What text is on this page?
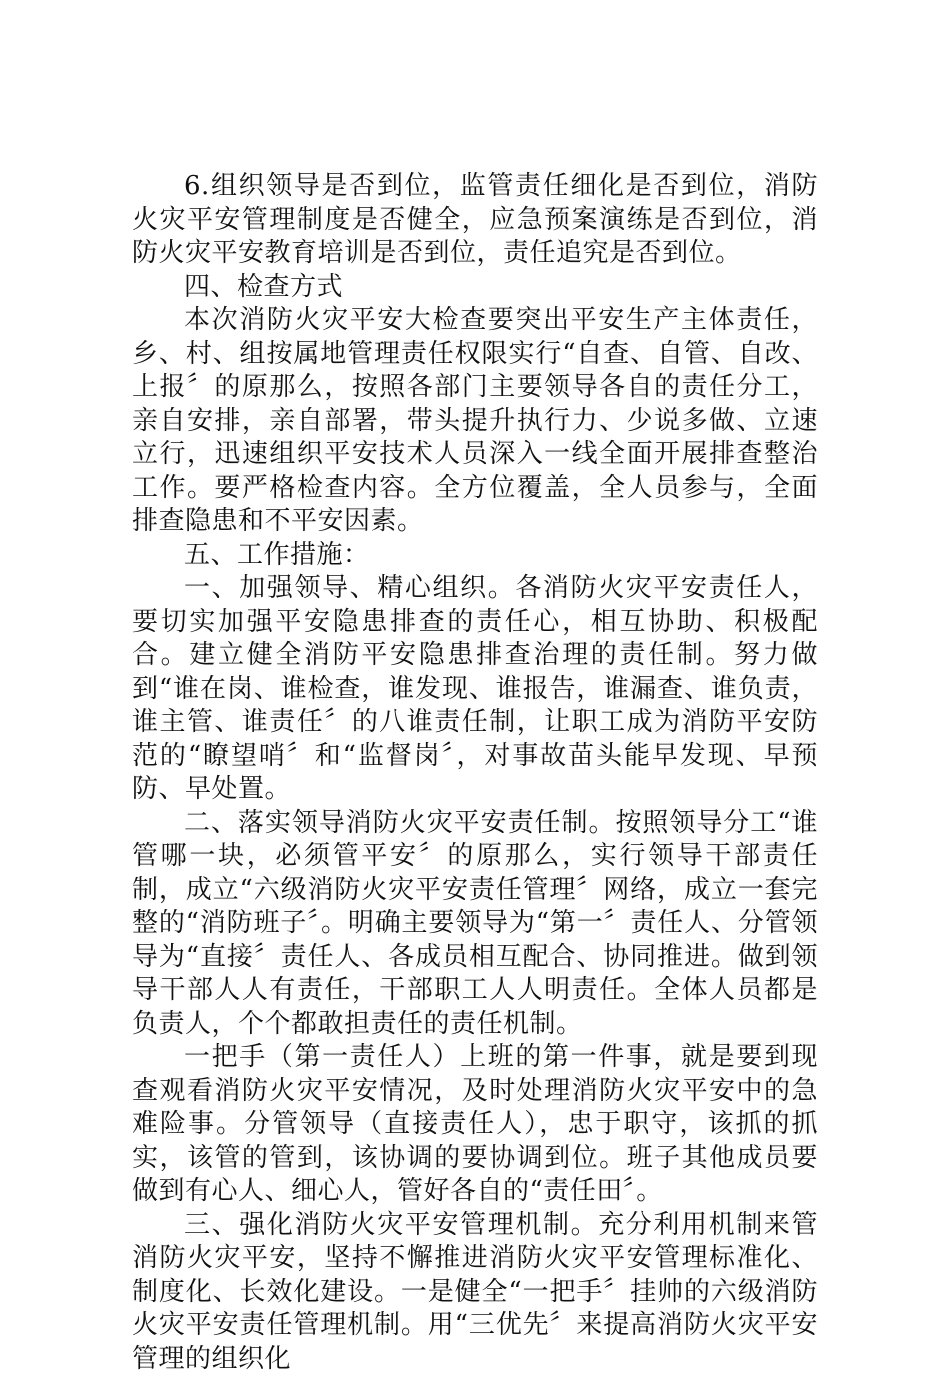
6.组织领导是否到位，监管责任细化是否到位，消防火灾平安管理制度是否健全，应急预案演练是否到位，消防火灾平安教育培训是否到位，责任追究是否到位。

四、检查方式

本次消防火灾平安大检查要突出平安生产主体责任，乡、村、组按属地管理责任权限实行“自查、自管、自改、上报〞的原那么，按照各部门主要领导各自的责任分工，亲自安排，亲自部署，带头提升执行力、少说多做、立速立行，迅速组织平安技术人员深入一线全面开展排查整治工作。要严格检查内容。全方位覆盖，全人员参与，全面排查隐患和不平安因素。

五、工作措施：

一、加强领导、精心组织。各消防火灾平安责任人，要切实加强平安隐患排查的责任心，相互协助、积极配合。建立健全消防平安隐患排查治理的责任制。努力做到“谁在岗、谁检查，谁发现、谁报告，谁漏查、谁负责，谁主管、谁责任〞的八谁责任制，让职工成为消防平安防范的“瞭望哨〞和“监督岗〞，对事故苗头能早发现、早预防、早处置。

二、落实领导消防火灾平安责任制。按照领导分工“谁管哪一块，必须管平安〞的原那么，实行领导干部责任制，成立“六级消防火灾平安责任管理〞网络，成立一套完整的“消防班子〞。明确主要领导为“第一〞责任人、分管领导为“直接〞责任人、各成员相互配合、协同推进。做到领导干部人人有责任，干部职工人人明责任。全体人员都是负责人，个个都敢担责任的责任机制。

一把手（第一责任人）上班的第一件事，就是要到现查观看消防火灾平安情况，及时处理消防火灾平安中的急难险事。分管领导（直接责任人），忠于职守，该抓的抓实，该管的管到，该协调的要协调到位。班子其他成员要做到有心人、细心人，管好各自的“责任田〞。

三、强化消防火灾平安管理机制。充分利用机制来管消防火灾平安，坚持不懈推进消防火灾平安管理标准化、制度化、长效化建设。一是健全“一把手〞挂帅的六级消防火灾平安责任管理机制。用“三优先〞来提高消防火灾平安管理的组织化
